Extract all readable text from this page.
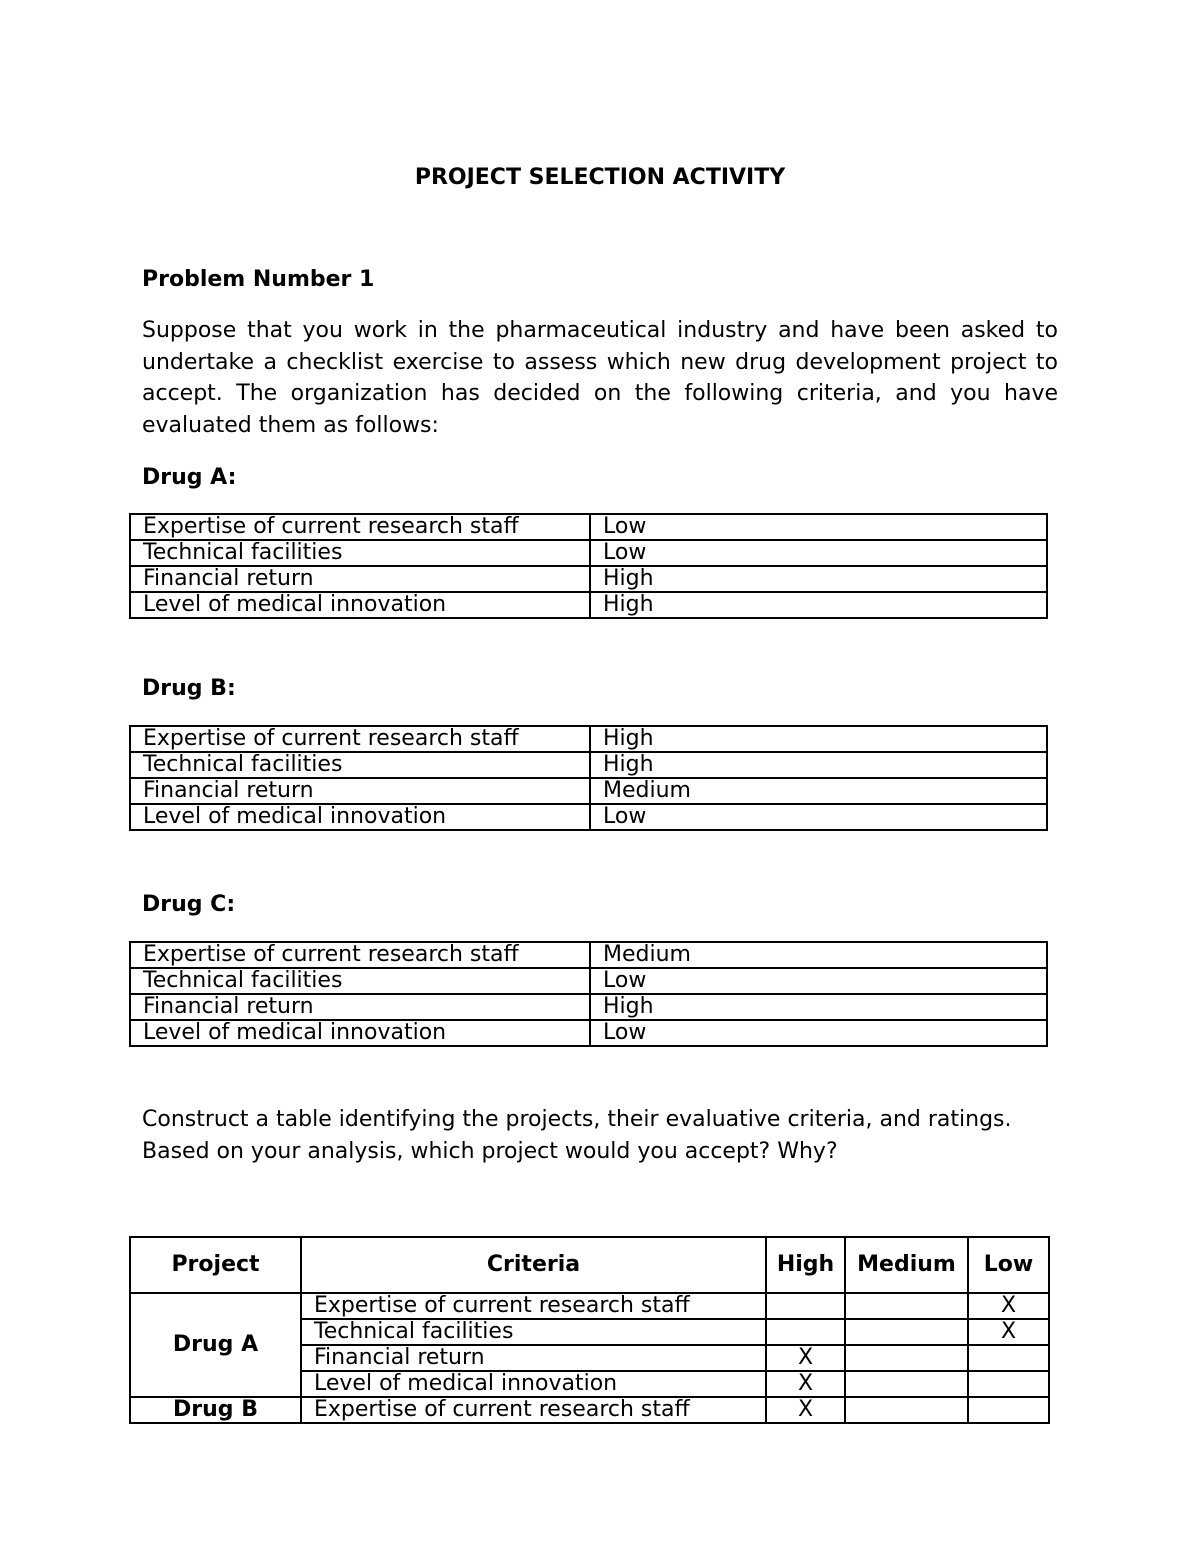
PROJECT SELECTION ACTIVITY
Problem Number 1
Suppose that you work in the pharmaceutical industry and have been asked to undertake a checklist exercise to assess which new drug development project to accept. The organization has decided on the following criteria, and you have evaluated them as follows:
Drug A:
Expertise of current research staff	Low
Technical facilities	Low
Financial return	High
Level of medical innovation	High
Drug B:
Expertise of current research staff	High
Technical facilities	High
Financial return	Medium
Level of medical innovation	Low
Drug C:
Expertise of current research staff	Medium
Technical facilities	Low
Financial return	High
Level of medical innovation	Low
Construct a table identifying the projects, their evaluative criteria, and ratings. Based on your analysis, which project would you accept? Why?
Project	Criteria	High	Medium	Low
Drug A	Expertise of current research staff			X
	Technical facilities			X
	Financial return	X		
	Level of medical innovation	X		
Drug B	Expertise of current research staff	X		
